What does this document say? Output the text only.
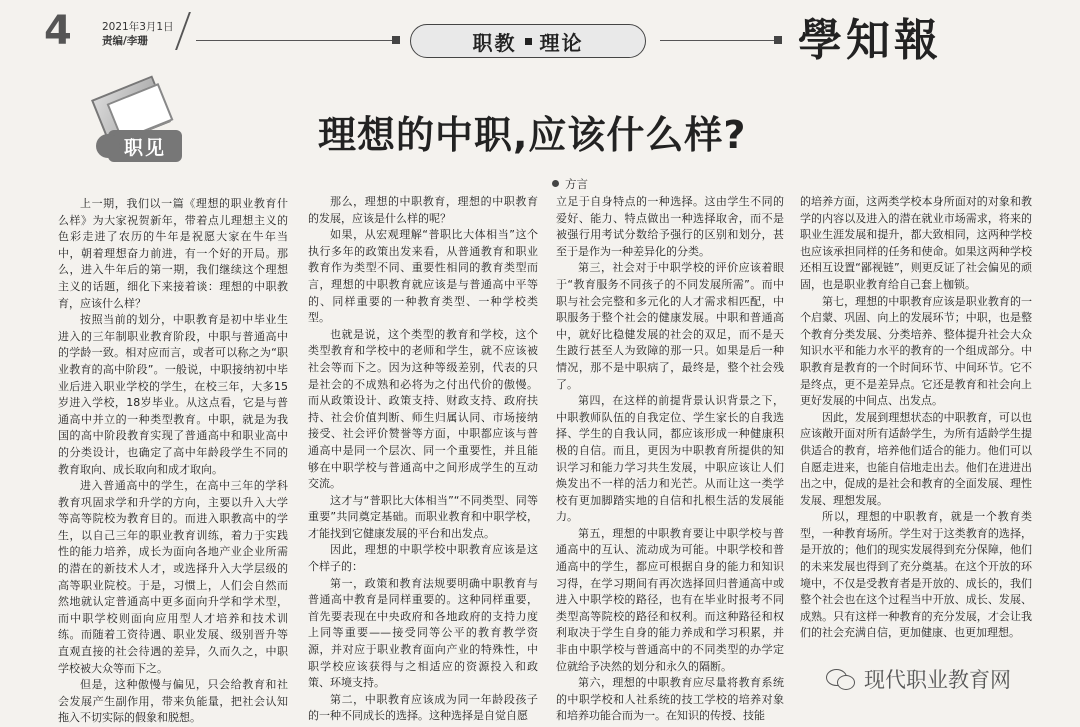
4	2021年3月1日
责编/李珊	职教 理论	學知報
职见	理想的中职,应该什么样?
方言

上一期，我们以一篇《理想的职业教育什么样》为大家祝贺新年，带着点儿理想主义的色彩走进了农历的牛年是祝愿大家在牛年当中，朝着理想奋力前进，有一个好的开局。那么，进入牛年后的第一期，我们继续这个理想主义的话题，细化下来接着谈：理想的中职教育，应该什么样？

按照当前的划分，中职教育是初中毕业生进入的三年制职业教育阶段，中职与普通高中的学龄一致。相对应而言，或者可以称之为“职业教育的高中阶段”。一般说，中职接纳初中毕业后进入职业学校的学生，在校三年，大多15岁进入学校，18岁毕业。从这点看，它是与普通高中并立的一种类型教育。中职，就是为我国的高中阶段教育实现了普通高中和职业高中的分类设计，也确定了高中年龄段学生不同的教育取向、成长取向和成才取向。

进入普通高中的学生，在高中三年的学科教育巩固求学和升学的方向，主要以升入大学等高等院校为教育目的。而进入职教高中的学生，以自己三年的职业教育训练，着力于实践性的能力培养，成长为面向各地产业企业所需的潜在的新技术人才，或选择升入大学层级的高等职业院校。于是，习惯上，人们会自然而然地就认定普通高中更多面向升学和学术型，而中职学校则面向应用型人才培养和技术训练。而随着工资待遇、职业发展、级别晋升等直观直接的社会待遇的差异，久而久之，中职学校被大众等而下之。

但是，这种傲慢与偏见，只会给教育和社会发展产生副作用，带来负能量，把社会认知拖入不切实际的假象和脱想。

那么，理想的中职教育，理想的中职教育的发展，应该是什么样的呢？

如果，从宏观理解“普职比大体相当”这个执行多年的政策出发来看，从普通教育和职业教育作为类型不同、重要性相同的教育类型而言，理想的中职教育就应该是与普通高中平等的、同样重要的一种教育类型、一种学校类型。

也就是说，这个类型的教育和学校，这个类型教育和学校中的老师和学生，就不应该被社会等而下之。因为这种等级差别，代表的只是社会的不成熟和必将为之付出代价的傲慢。而从政策设计、政策支持、财政支持、政府扶持、社会价值判断、师生归属认同、市场接纳接受、社会评价赞誉等方面，中职都应该与普通高中是同一个层次、同一个重要性，并且能够在中职学校与普通高中之间形成学生的互动交流。

这才与“普职比大体相当”“不同类型、同等重要”共同奠定基础。而职业教育和中职学校，才能找到它健康发展的平台和出发点。

因此，理想的中职学校中职教育应该是这个样子的：

第一，政策和教育法规要明确中职教育与普通高中教育是同样重要的。这种同样重要，首先要表现在中央政府和各地政府的支持力度上同等重要——接受同等公平的教育教学资源，并对应于职业教育面向产业的特殊性，中职学校应该获得与之相适应的资源投入和政策、环境支持。

第二，中职教育应该成为同一年龄段孩子的一种不同成长的选择。这种选择是自觉自愿

立足于自身特点的一种选择。这由学生不同的爱好、能力、特点做出一种选择取舍，而不是被强行用考试分数给予强行的区别和划分，甚至于是作为一种差异化的分类。

第三，社会对于中职学校的评价应该着眼于“教育服务不同孩子的不同发展所需”。而中职与社会完整和多元化的人才需求相匹配，中职服务于整个社会的健康发展。中职和普通高中，就好比稳健发展的社会的双足，而不是天生跛行甚至人为致障的那一只。如果是后一种情况，那不是中职病了，最终是，整个社会残了。

第四，在这样的前提背景认识背景之下，中职教师队伍的自我定位、学生家长的自我选择、学生的自我认同，都应该形成一种健康积极的自信。而且，更因为中职教育所提供的知识学习和能力学习共生发展，中职应该让人们焕发出不一样的活力和光芒。从而让这一类学校有更加脚踏实地的自信和扎根生活的发展能力。

第五，理想的中职教育要让中职学校与普通高中的互认、流动成为可能。中职学校和普通高中的学生，都应可根据自身的能力和知识习得，在学习期间有再次选择回归普通高中或进入中职学校的路径，也有在毕业时报考不同类型高等院校的路径和权利。而这种路径和权利取决于学生自身的能力养成和学习积累，并非由中职学校与普通高中的不同类型的办学定位就给予决然的划分和永久的隔断。

第六，理想的中职教育应尽量将教育系统的中职学校和人社系统的技工学校的培养对象和培养功能合而为一。在知识的传授、技能

的培养方面，这两类学校本身所面对的对象和教学的内容以及进入的潜在就业市场需求，将来的职业生涯发展和提升，都大致相同，这两种学校也应该承担同样的任务和使命。如果这两种学校还相互设置“鄙视链”，则更反证了社会偏见的顽固，也是职业教育给自己套上枷锁。

第七，理想的中职教育应该是职业教育的一个启蒙、巩固、向上的发展环节；中职，也是整个教育分类发展、分类培养、整体提升社会大众知识水平和能力水平的教育的一个组成部分。中职教育是教育的一个时间环节、中间环节。它不是终点，更不是差异点。它还是教育和社会向上更好发展的中间点、出发点。

因此，发展到理想状态的中职教育，可以也应该敞开面对所有适龄学生，为所有适龄学生提供适合的教育，培养他们适合的能力。他们可以自愿走进来，也能自信地走出去。他们在进进出出之中，促成的是社会和教育的全面发展、理性发展、理想发展。

所以，理想的中职教育，就是一个教育类型，一种教育场所。学生对于这类教育的选择，是开放的；他们的现实发展得到充分保障，他们的未来发展也得到了充分奠基。在这个开放的环境中，不仅是受教育者是开放的、成长的，我们整个社会也在这个过程当中开放、成长、发展、成熟。只有这样一种教育的充分发展，才会让我们的社会充满自信，更加健康、也更加理想。

现代职业教育网
